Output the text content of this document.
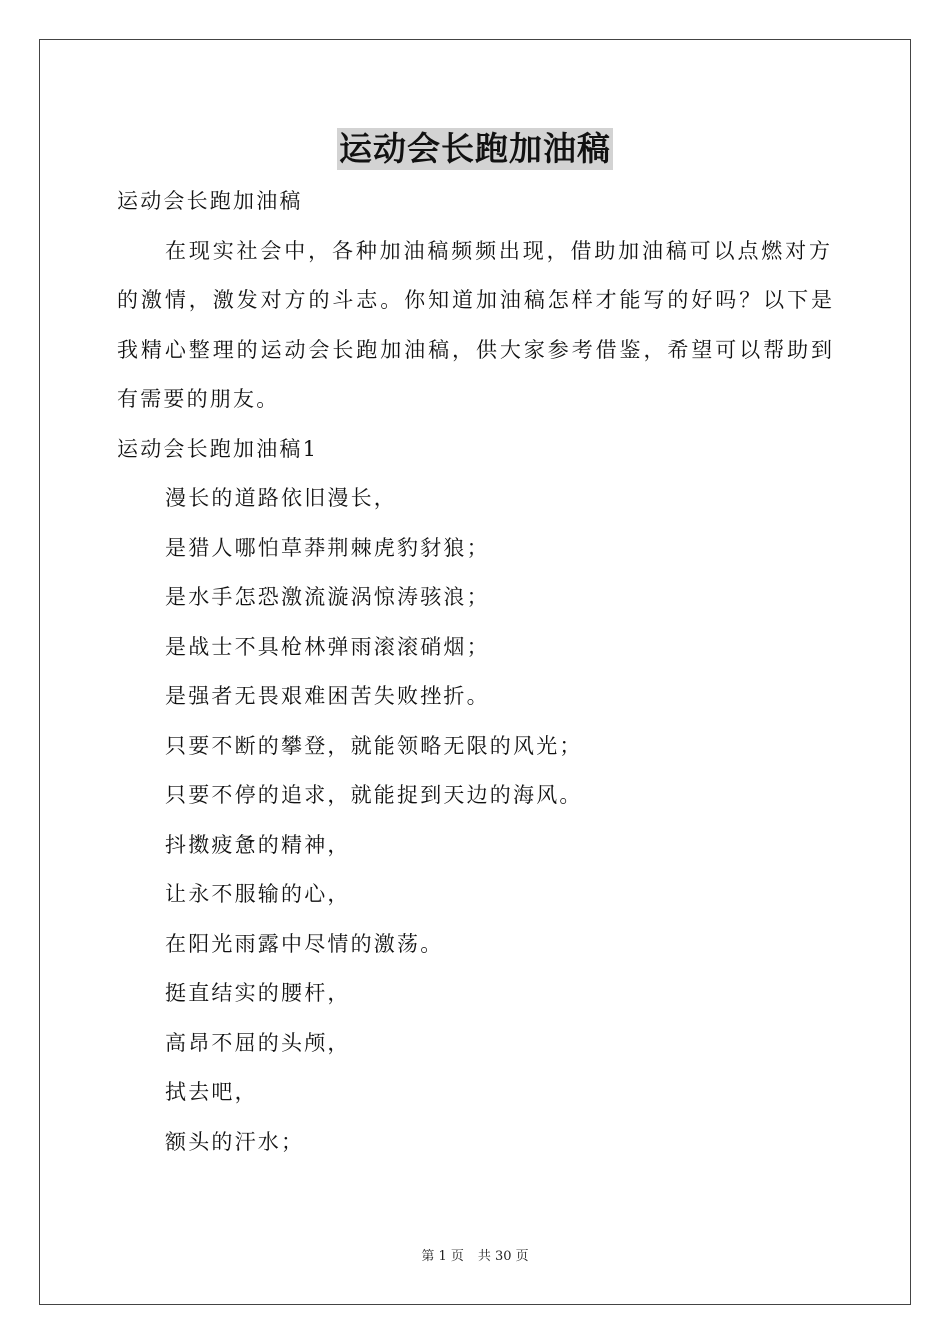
运动会长跑加油稿
运动会长跑加油稿
在现实社会中，各种加油稿频频出现，借助加油稿可以点燃对方
的激情，激发对方的斗志。你知道加油稿怎样才能写的好吗？以下是
我精心整理的运动会长跑加油稿，供大家参考借鉴，希望可以帮助到
有需要的朋友。
运动会长跑加油稿1
漫长的道路依旧漫长，
是猎人哪怕草莽荆棘虎豹豺狼；
是水手怎恐激流漩涡惊涛骇浪；
是战士不具枪林弹雨滚滚硝烟；
是强者无畏艰难困苦失败挫折。
只要不断的攀登，就能领略无限的风光；
只要不停的追求，就能捉到天边的海风。
抖擞疲惫的精神，
让永不服输的心，
在阳光雨露中尽情的激荡。
挺直结实的腰杆，
高昂不屈的头颅，
拭去吧，
额头的汗水；
第 1 页 共 30 页
